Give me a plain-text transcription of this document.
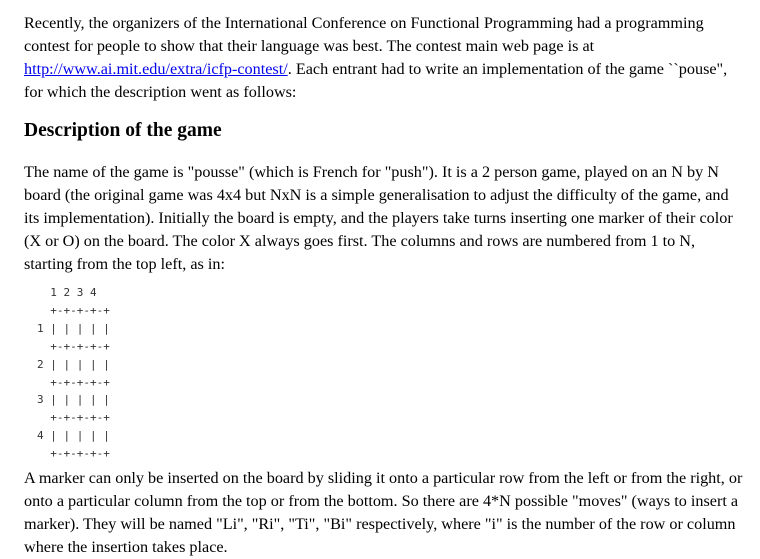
Recently, the organizers of the International Conference on Functional Programming had a programming contest for people to show that their language was best. The contest main web page is at http://www.ai.mit.edu/extra/icfp-contest/. Each entrant had to write an implementation of the game ``pouse", for which the description went as follows:

Description of the game

The name of the game is "pousse" (which is French for "push"). It is a 2 person game, played on an N by N board (the original game was 4x4 but NxN is a simple generalisation to adjust the difficulty of the game, and its implementation). Initially the board is empty, and the players take turns inserting one marker of their color (X or O) on the board. The color X always goes first. The columns and rows are numbered from 1 to N, starting from the top left, as in:

1 2 3 4
+-+-+-+-+
1 | | | | |
+-+-+-+-+
2 | | | | |
+-+-+-+-+
3 | | | | |
+-+-+-+-+
4 | | | | |
+-+-+-+-+

A marker can only be inserted on the board by sliding it onto a particular row from the left or from the right, or onto a particular column from the top or from the bottom. So there are 4*N possible "moves" (ways to insert a marker). They will be named "Li", "Ri", "Ti", "Bi" respectively, where "i" is the number of the row or column where the insertion takes place.
